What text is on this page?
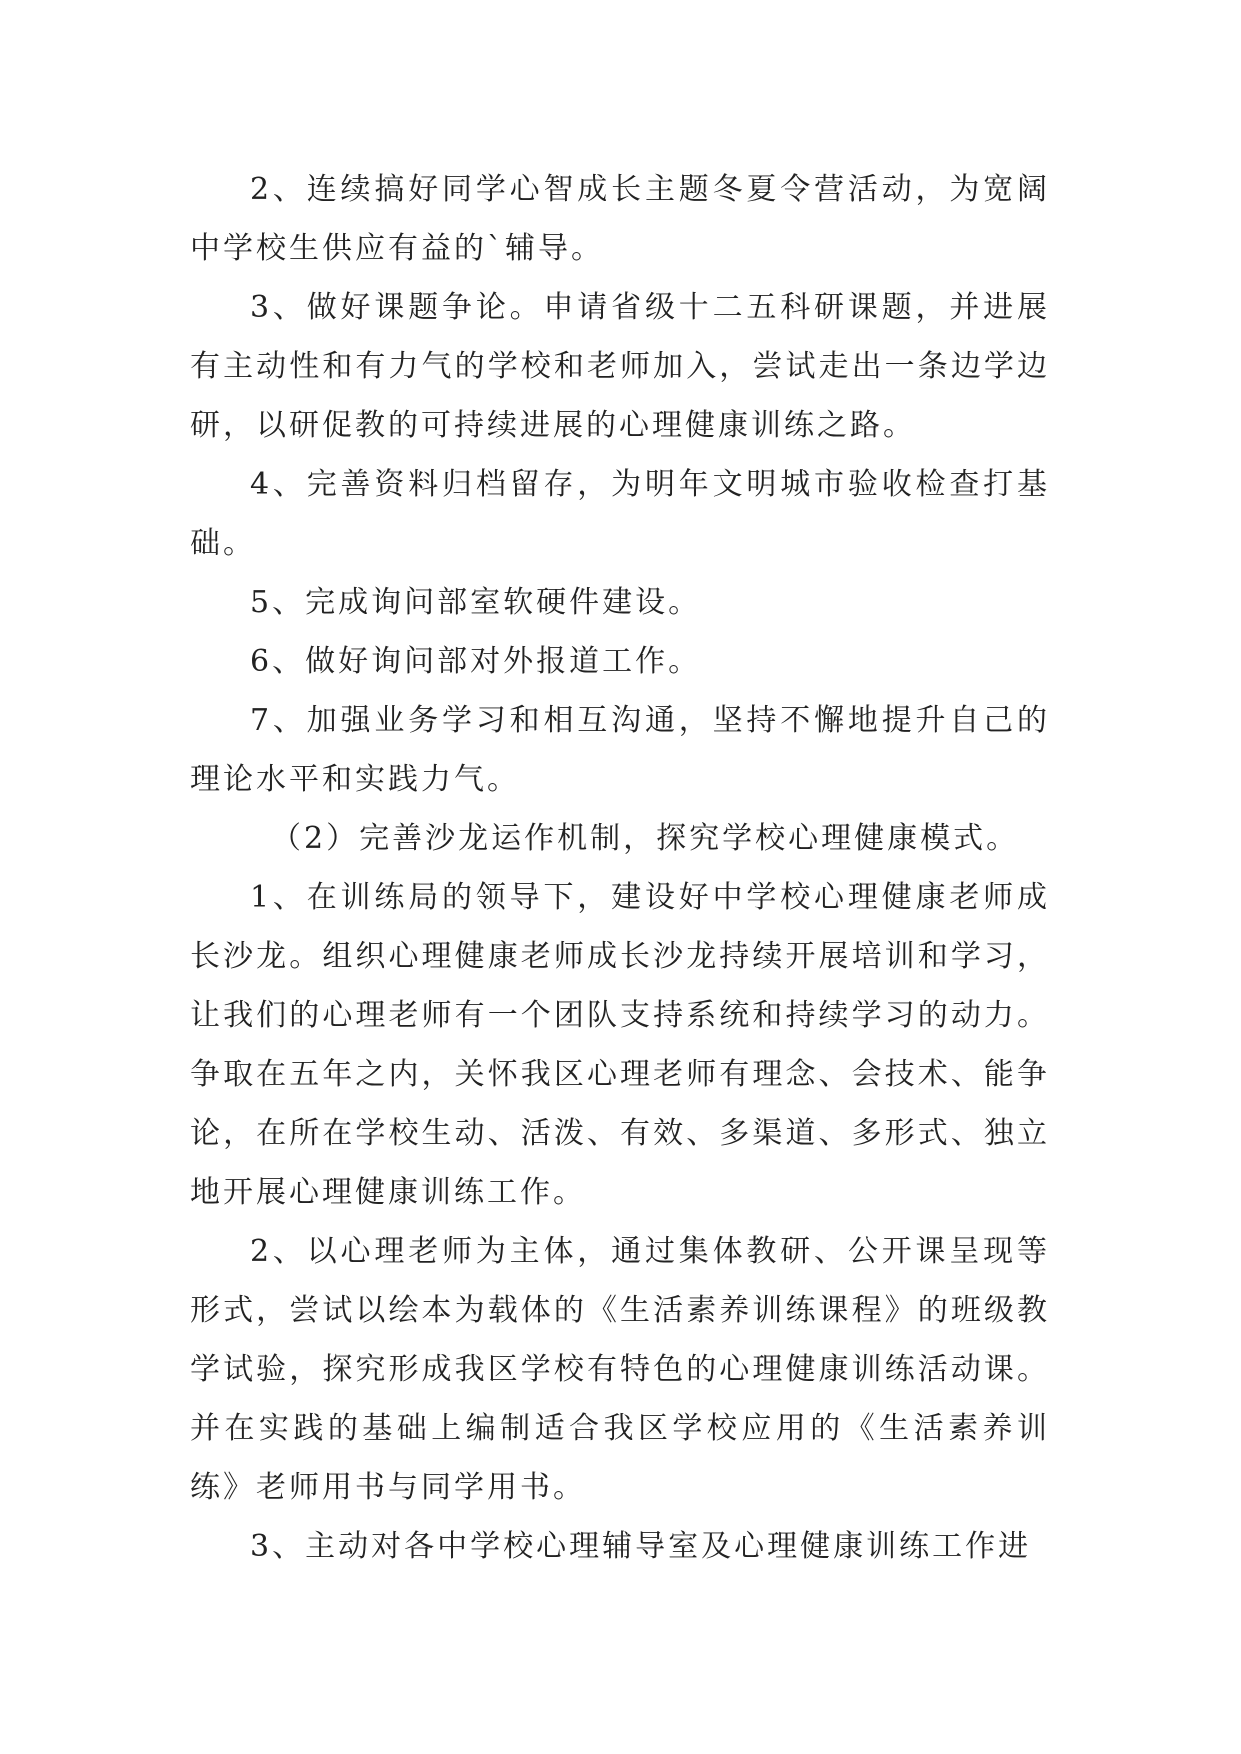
2、连续搞好同学心智成长主题冬夏令营活动，为宽阔中学校生供应有益的`辅导。

3、做好课题争论。申请省级十二五科研课题，并进展有主动性和有力气的学校和老师加入，尝试走出一条边学边研，以研促教的可持续进展的心理健康训练之路。

4、完善资料归档留存，为明年文明城市验收检查打基础。

5、完成询问部室软硬件建设。

6、做好询问部对外报道工作。

7、加强业务学习和相互沟通，坚持不懈地提升自己的理论水平和实践力气。

（2）完善沙龙运作机制，探究学校心理健康模式。

1、在训练局的领导下，建设好中学校心理健康老师成长沙龙。组织心理健康老师成长沙龙持续开展培训和学习，让我们的心理老师有一个团队支持系统和持续学习的动力。争取在五年之内，关怀我区心理老师有理念、会技术、能争论，在所在学校生动、活泼、有效、多渠道、多形式、独立地开展心理健康训练工作。

2、以心理老师为主体，通过集体教研、公开课呈现等形式，尝试以绘本为载体的《生活素养训练课程》的班级教学试验，探究形成我区学校有特色的心理健康训练活动课。并在实践的基础上编制适合我区学校应用的《生活素养训练》老师用书与同学用书。

3、主动对各中学校心理辅导室及心理健康训练工作进
